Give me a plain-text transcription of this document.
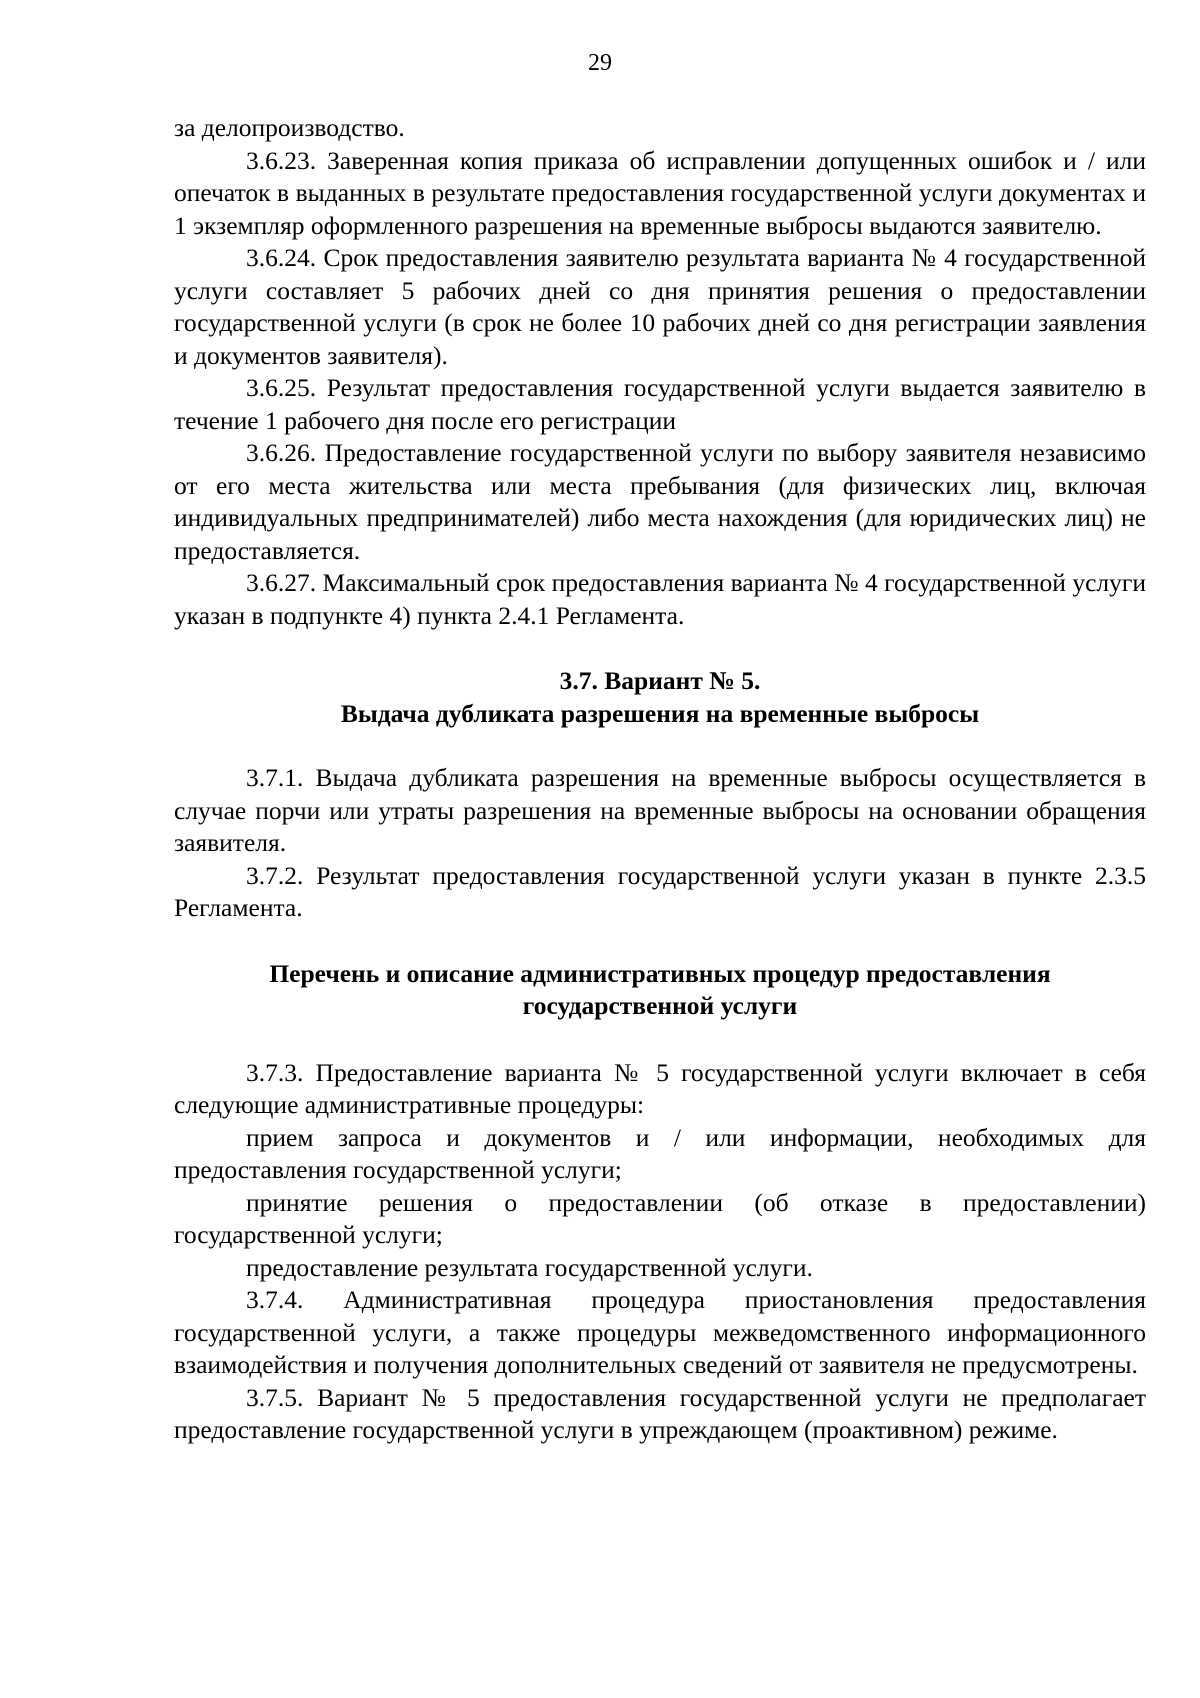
29

за делопроизводство.

3.6.23. Заверенная копия приказа об исправлении допущенных ошибок и / или опечаток в выданных в результате предоставления государственной услуги документах и 1 экземпляр оформленного разрешения на временные выбросы выдаются заявителю.

3.6.24. Срок предоставления заявителю результата варианта № 4 государственной услуги составляет 5 рабочих дней со дня принятия решения о предоставлении государственной услуги (в срок не более 10 рабочих дней со дня регистрации заявления и документов заявителя).

3.6.25. Результат предоставления государственной услуги выдается заявителю в течение 1 рабочего дня после его регистрации

3.6.26. Предоставление государственной услуги по выбору заявителя независимо от его места жительства или места пребывания (для физических лиц, включая индивидуальных предпринимателей) либо места нахождения (для юридических лиц) не предоставляется.

3.6.27. Максимальный срок предоставления варианта № 4 государственной услуги указан в подпункте 4) пункта 2.4.1 Регламента.

3.7. Вариант № 5.
Выдача дубликата разрешения на временные выбросы

3.7.1. Выдача дубликата разрешения на временные выбросы осуществляется в случае порчи или утраты разрешения на временные выбросы на основании обращения заявителя.

3.7.2. Результат предоставления государственной услуги указан в пункте 2.3.5 Регламента.

Перечень и описание административных процедур предоставления
государственной услуги

3.7.3. Предоставление варианта № 5 государственной услуги включает в себя следующие административные процедуры:

прием запроса и документов и / или информации, необходимых для предоставления государственной услуги;

принятие решения о предоставлении (об отказе в предоставлении) государственной услуги;

предоставление результата государственной услуги.

3.7.4. Административная процедура приостановления предоставления государственной услуги, а также процедуры межведомственного информационного взаимодействия и получения дополнительных сведений от заявителя не предусмотрены.

3.7.5. Вариант № 5 предоставления государственной услуги не предполагает предоставление государственной услуги в упреждающем (проактивном) режиме.
